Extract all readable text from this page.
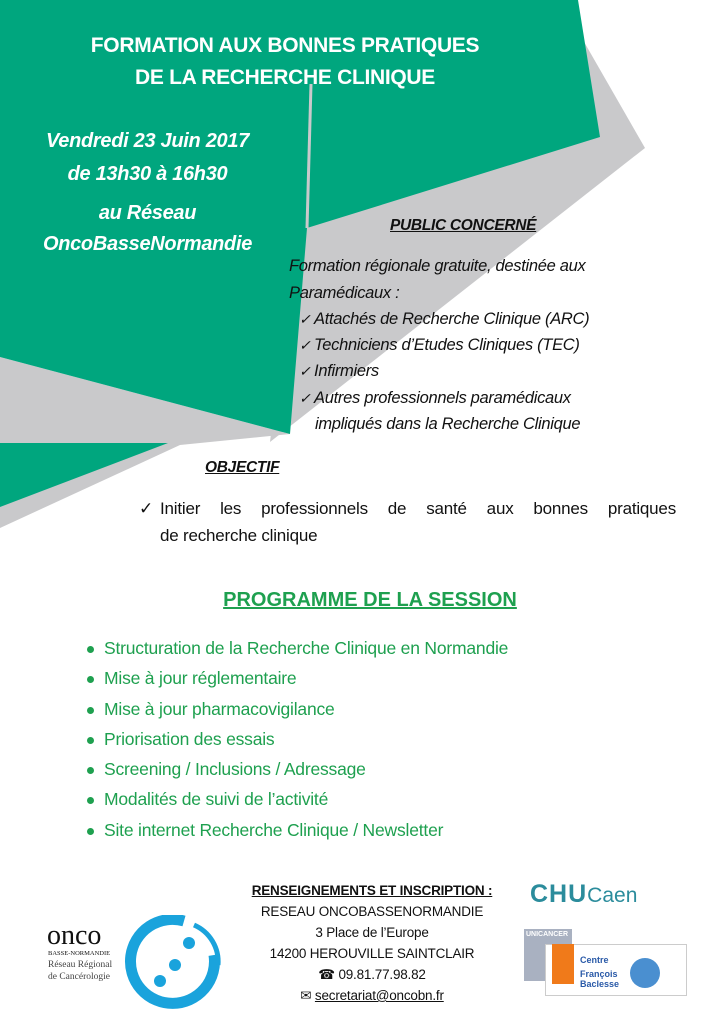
FORMATION AUX BONNES PRATIQUES
DE LA RECHERCHE CLINIQUE
Vendredi 23 Juin 2017
de 13h30 à 16h30
au Réseau
OncoBasseNormandie
PUBLIC CONCERNÉ
Formation régionale gratuite, destinée aux
Paramédicaux :
✓ Attachés de Recherche Clinique (ARC)
✓ Techniciens d’Etudes Cliniques (TEC)
✓ Infirmiers
✓ Autres professionnels paramédicaux
impliqués dans la Recherche Clinique
OBJECTIF
✓ Initier les professionnels de santé aux bonnes pratiques
de recherche clinique
PROGRAMME DE LA SESSION
Structuration de la Recherche Clinique en Normandie
Mise à jour réglementaire
Mise à jour pharmacovigilance
Priorisation des essais
Screening / Inclusions / Adressage
Modalités de suivi de l’activité
Site internet Recherche Clinique / Newsletter
RENSEIGNEMENTS ET INSCRIPTION :
RESEAU ONCOBASSENORMANDIE
3 Place de l’Europe
14200 HEROUVILLE SAINTCLAIR
☎ 09.81.77.98.82
✉ secretariat@oncobn.fr
onco
BASSE-NORMANDIE
Réseau Régional
de Cancérologie
CHUCaen
UNICANCER
Centre
François
Baclesse
